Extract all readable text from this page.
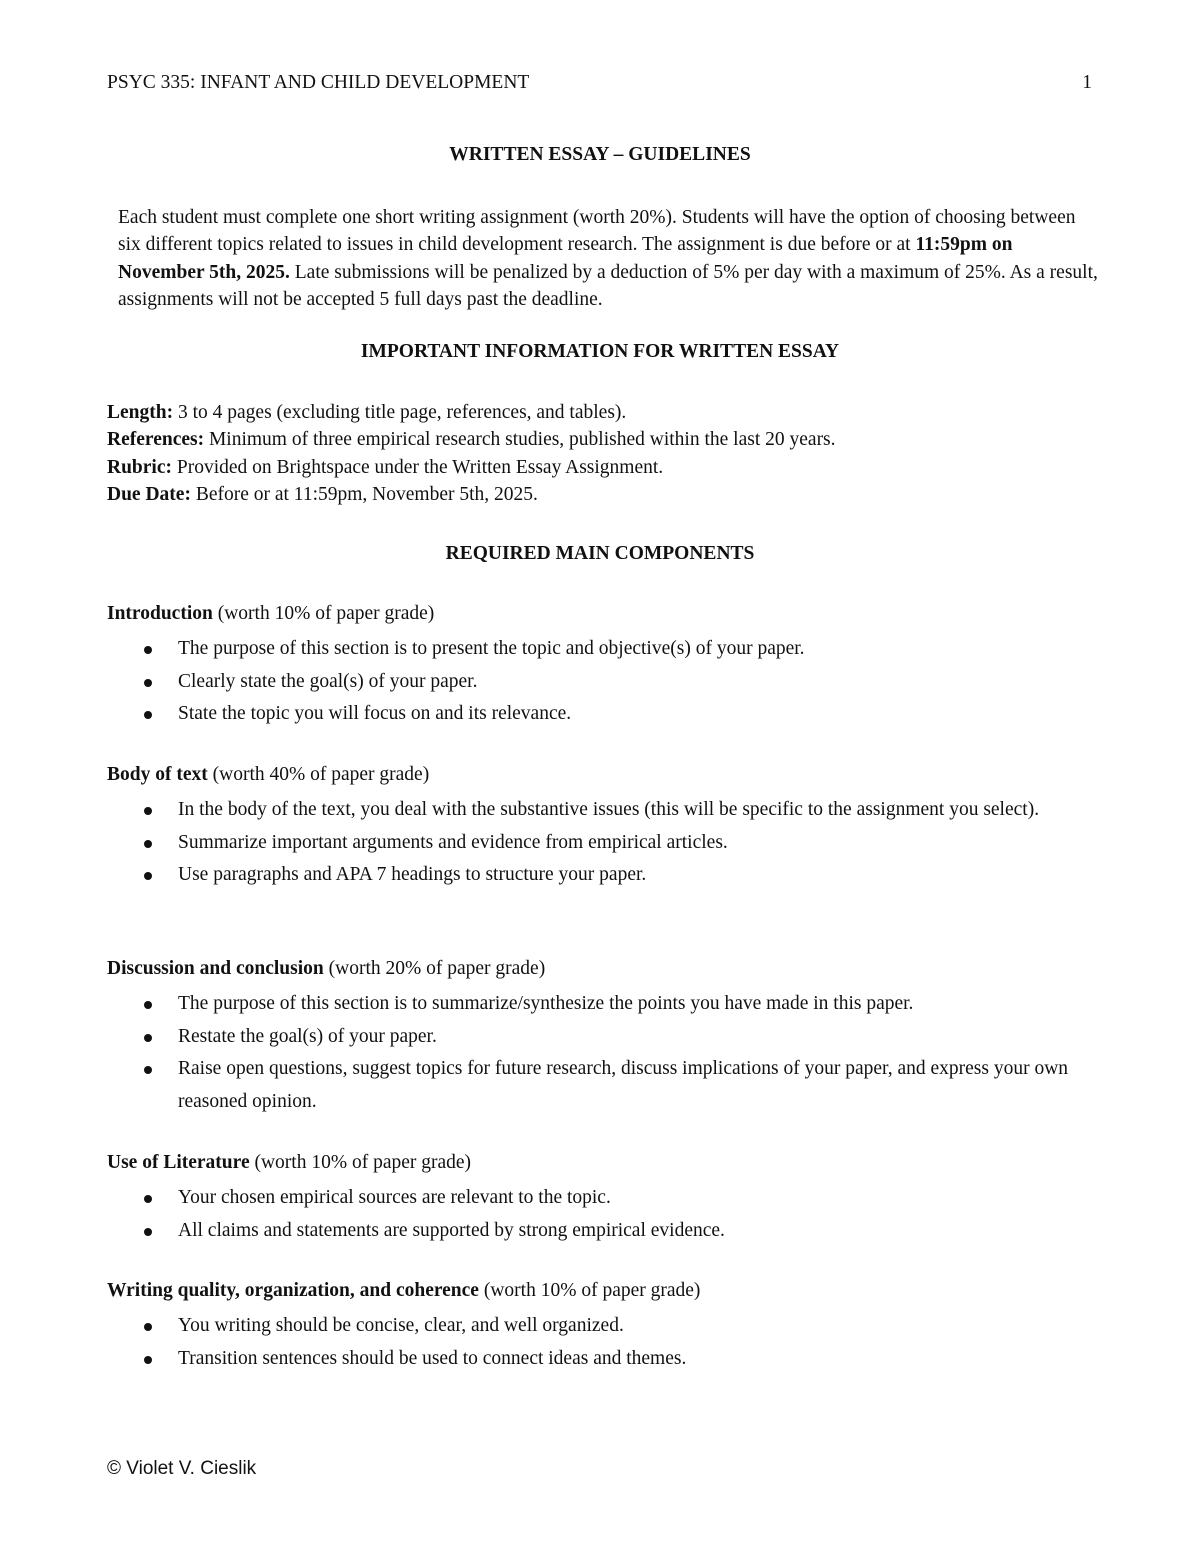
PSYC 335: INFANT AND CHILD DEVELOPMENT	1
WRITTEN ESSAY – GUIDELINES

Each student must complete one short writing assignment (worth 20%). Students will have the option of choosing between six different topics related to issues in child development research. The assignment is due before or at 11:59pm on November 5th, 2025. Late submissions will be penalized by a deduction of 5% per day with a maximum of 25%. As a result, assignments will not be accepted 5 full days past the deadline.

IMPORTANT INFORMATION FOR WRITTEN ESSAY
Length: 3 to 4 pages (excluding title page, references, and tables).
References: Minimum of three empirical research studies, published within the last 20 years.
Rubric: Provided on Brightspace under the Written Essay Assignment.
Due Date: Before or at 11:59pm, November 5th, 2025.
REQUIRED MAIN COMPONENTS
Introduction (worth 10% of paper grade)
The purpose of this section is to present the topic and objective(s) of your paper.
Clearly state the goal(s) of your paper.
State the topic you will focus on and its relevance.
Body of text (worth 40% of paper grade)
In the body of the text, you deal with the substantive issues (this will be specific to the assignment you select).
Summarize important arguments and evidence from empirical articles.
Use paragraphs and APA 7 headings to structure your paper.
Discussion and conclusion (worth 20% of paper grade)
The purpose of this section is to summarize/synthesize the points you have made in this paper.
Restate the goal(s) of your paper.
Raise open questions, suggest topics for future research, discuss implications of your paper, and express your own reasoned opinion.
Use of Literature (worth 10% of paper grade)
Your chosen empirical sources are relevant to the topic.
All claims and statements are supported by strong empirical evidence.
Writing quality, organization, and coherence (worth 10% of paper grade)
You writing should be concise, clear, and well organized.
Transition sentences should be used to connect ideas and themes.
© Violet V. Cieslik
